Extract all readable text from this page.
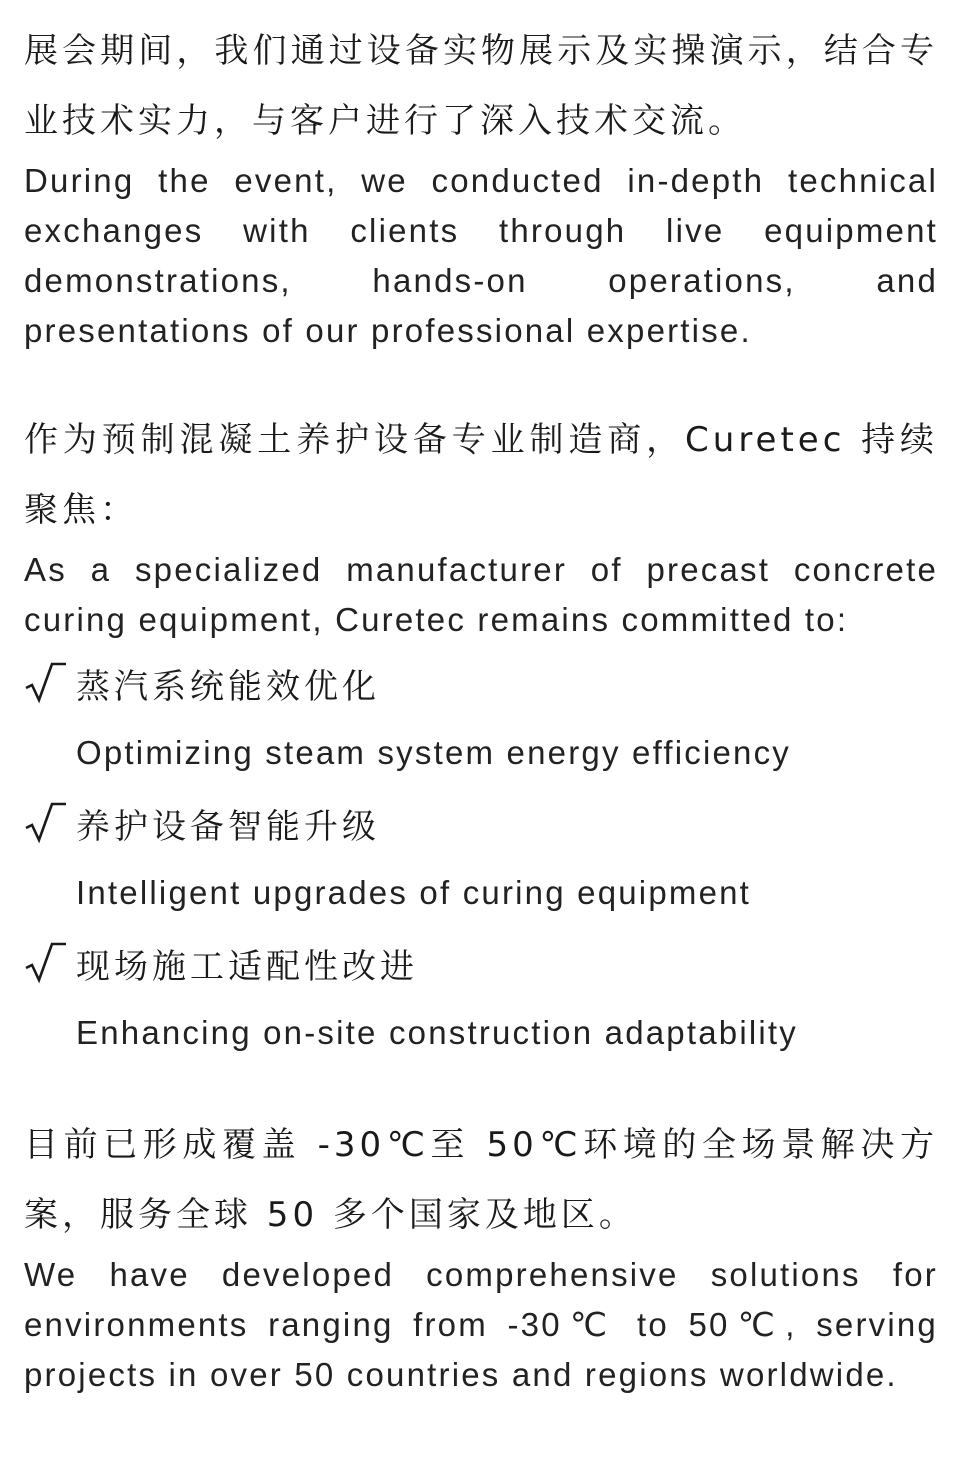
展会期间，我们通过设备实物展示及实操演示，结合专业技术实力，与客户进行了深入技术交流。

During the event, we conducted in-depth technical exchanges with clients through live equipment demonstrations, hands-on operations, and presentations of our professional expertise.

作为预制混凝土养护设备专业制造商，Curetec 持续聚焦：

As a specialized manufacturer of precast concrete curing equipment, Curetec remains committed to:

蒸汽系统能效优化
Optimizing steam system energy efficiency
养护设备智能升级
Intelligent upgrades of curing equipment
现场施工适配性改进
Enhancing on-site construction adaptability

目前已形成覆盖 -30℃至 50℃环境的全场景解决方案，服务全球 50 多个国家及地区。

We have developed comprehensive solutions for environments ranging from -30℃ to 50℃, serving projects in over 50 countries and regions worldwide.
